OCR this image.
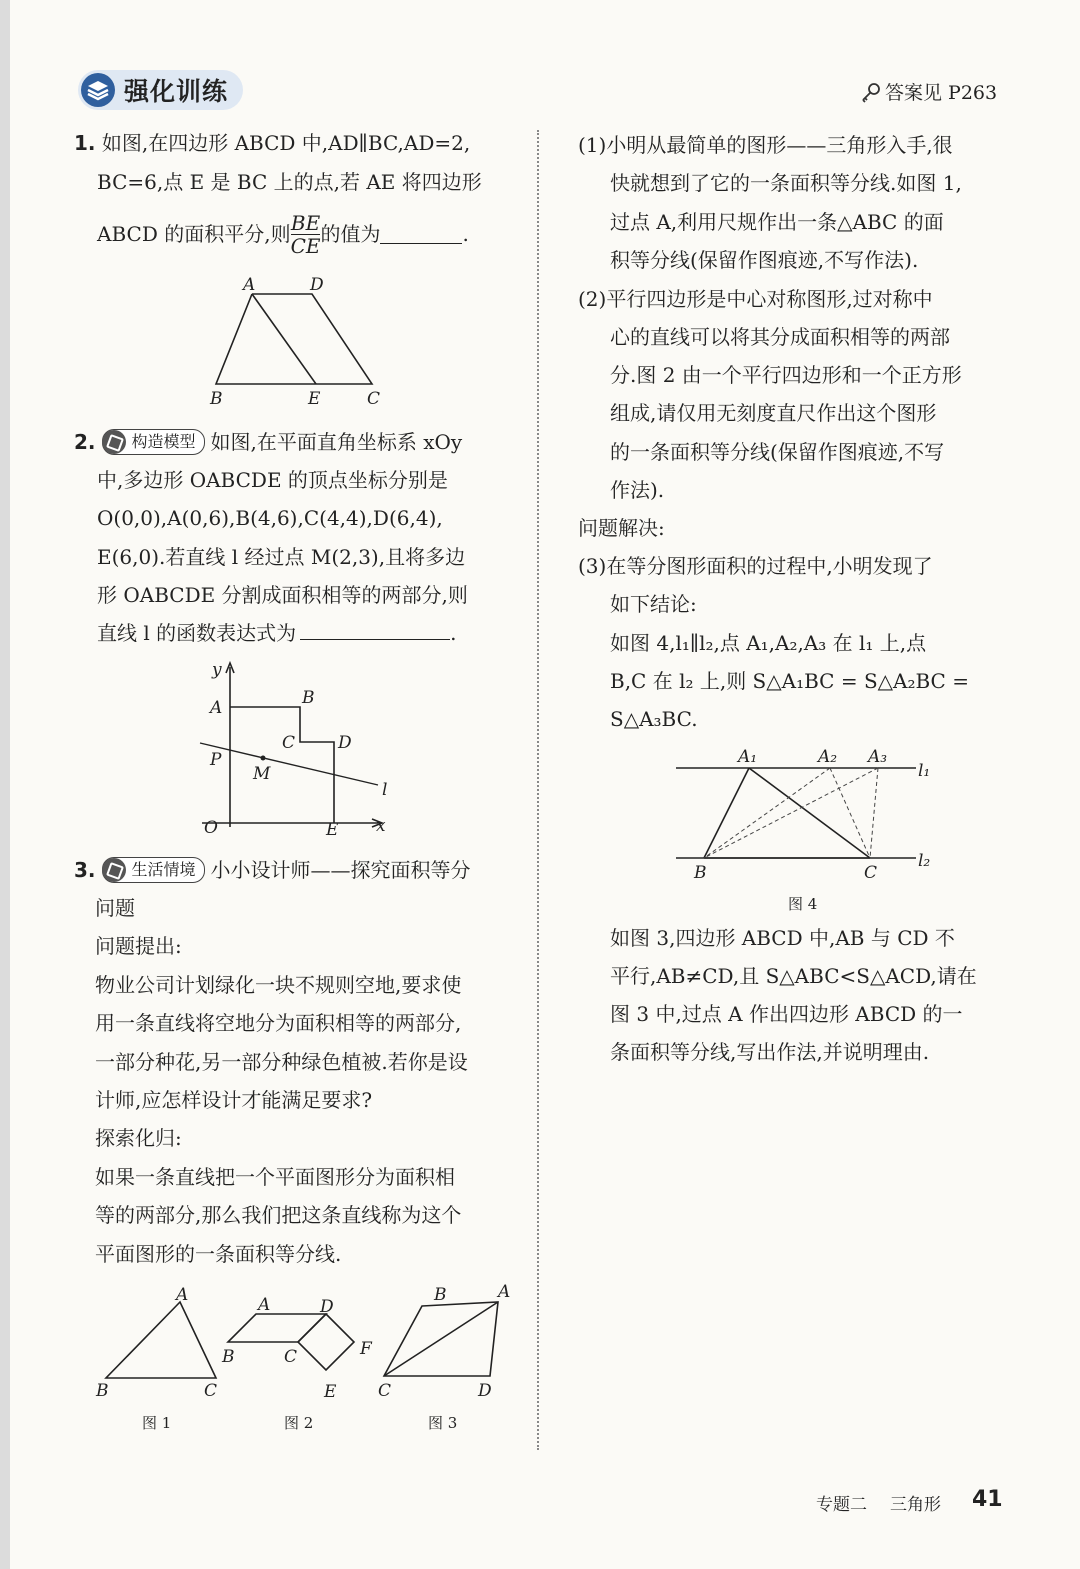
强化训练	答案见 P263
1. 如图,在四边形 ABCD 中,AD∥BC,AD=2,
BC=6,点 E 是 BC 上的点,若 AE 将四边形
ABCD 的面积平分,则 $\frac{BE}{CE}$ 的值为	.
A	D
B	E	C
2. 构造模型 如图,在平面直角坐标系 xOy
中,多边形 OABCDE 的顶点坐标分别是
O(0,0),A(0,6),B(4,6),C(4,4),D(6,4),
E(6,0).若直线 l 经过点 M(2,3),且将多边
形 OABCDE 分割成面积相等的两部分,则
直线 l 的函数表达式为	.
y
A	B
C	D
P
M
l
O	E x
3. 生活情境 小小设计师——探究面积等分
问题
问题提出:
物业公司计划绿化一块不规则空地,要求使
用一条直线将空地分为面积相等的两部分,
一部分种花,另一部分种绿色植被.若你是设
计师,应怎样设计才能满足要求?
探索化归:
如果一条直线把一个平面图形分为面积相
等的两部分,那么我们把这条直线称为这个
平面图形的一条面积等分线.
A
B	C
图 1
A	D
B	C	F
E
图 2
B	A
C	D
图 3
(1)小明从最简单的图形——三角形入手,很
快就想到了它的一条面积等分线.如图 1,
过点 A,利用尺规作出一条△ABC 的面
积等分线(保留作图痕迹,不写作法).
(2)平行四边形是中心对称图形,过对称中
心的直线可以将其分成面积相等的两部
分.图 2 由一个平行四边形和一个正方形
组成,请仅用无刻度直尺作出这个图形
的一条面积等分线(保留作图痕迹,不写
作法).
问题解决:
(3)在等分图形面积的过程中,小明发现了
如下结论:
如图 4,l₁∥l₂,点 A₁,A₂,A₃ 在 l₁ 上,点
B,C 在 l₂ 上,则 S△A₁BC = S△A₂BC =
S△A₃BC.
A₁	A₂ A₃
l₁
l₂
B	C
图 4
如图 3,四边形 ABCD 中,AB 与 CD 不
平行,AB≠CD,且 S△ABC<S△ACD,请在
图 3 中,过点 A 作出四边形 ABCD 的一
条面积等分线,写出作法,并说明理由.
专题二 三角形 41
